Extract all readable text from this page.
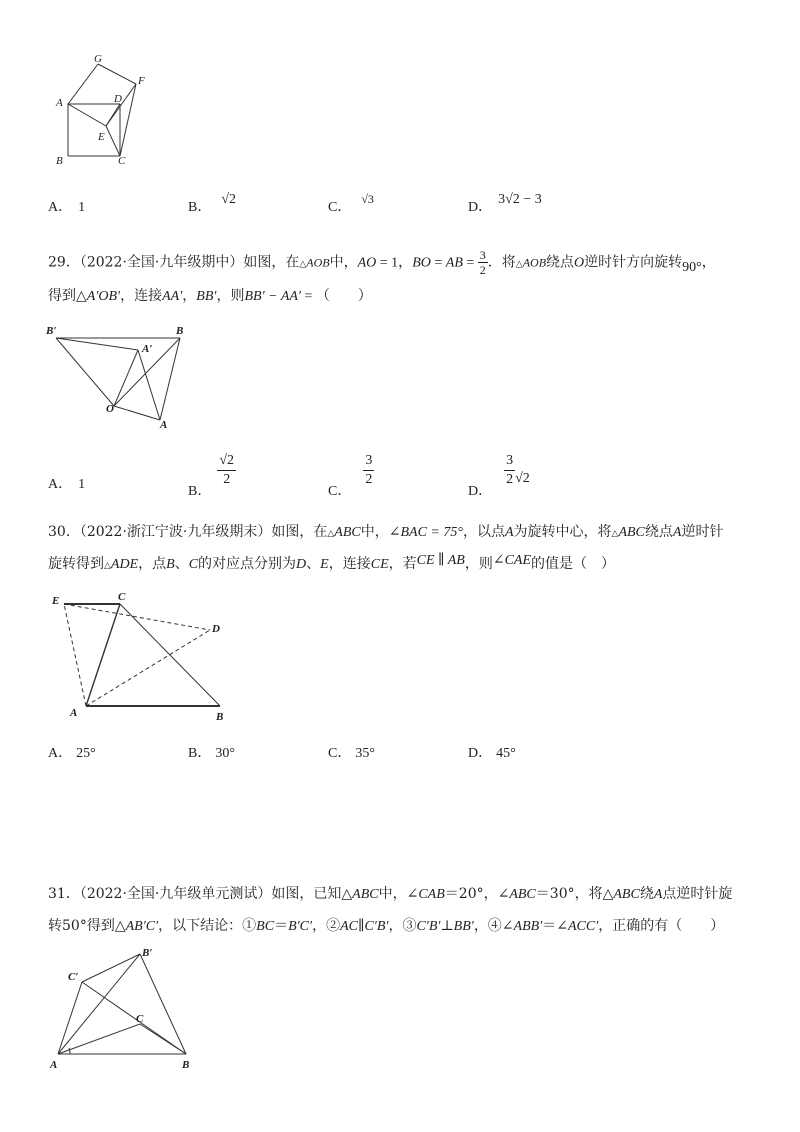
G
F
A	D
E
B	C
A． 1	B．√2
C．√3
D．3√2 − 3
29．（2022·全国·九年级期中）如图，在△AOB中，AO = 1，BO = AB = $\frac{3}{2}$ ．将△AOB绕点O逆时针方向旋转90°，
得到△A′OB′，连接AA′，BB′，则BB′ − AA′ = （　　）
B′	B
A′
O
A
A． 1	B．
$\frac{√2}{2}$
C．
$\frac{3}{2}$
D．
$\frac{3}{2} √2$
30．（2022·浙江宁波·九年级期末）如图，在△ABC中，∠BAC = 75°，以点A为旋转中心，将△ABC绕点A逆时针
旋转得到△ADE，点B、C的对应点分别为D、E，连接CE，若CE ∥ AB，则∠CAE的值是（　）
E	C
D
A	B
A． 25°	B． 30°	C． 35°	D． 45°
31．（2022·全国·九年级单元测试）如图，已知△ABC中，∠CAB＝20°，∠ABC＝30°，将△ABC绕A点逆时针旋
转50°得到△AB′C′，以下结论：①BC＝B′C′，②AC∥C′B′，③C′B′⊥BB′，④∠ABB′＝∠ACC′，正确的有（　　）
B′
C′
C
A	B
